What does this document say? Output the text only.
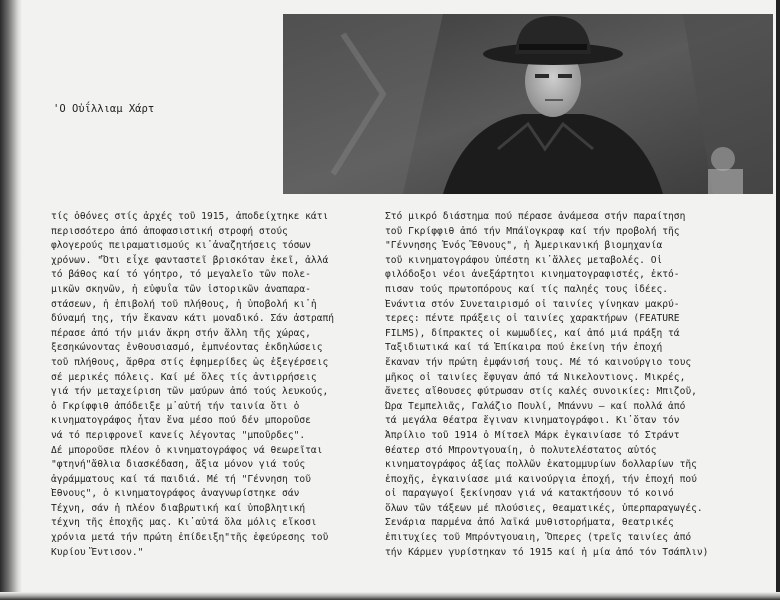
'Ο Οὐΐλλιαμ Χάρτ
τίς ὀθόνες στίς ἀρχές τοῦ 1915, ἀποδείχτηκε κάτι
περισσότερο ἀπό ἀποφασιστική στροφή στούς
φλογερούς πειραματισμούς κι᾽ἀναζητήσεις τόσων
χρόνων. "Ὅτι εἶχε φανταστεῖ βρισκόταν ἐκεῖ, ἀλλά
τό βάθος καί τό γόητρο, τό μεγαλεῖο τῶν πολε-
μικῶν σκηνῶν, ἡ εὐφυΐα τῶν ἱστορικῶν ἀναπαρα-
στάσεων, ἡ ἐπιβολή τοῦ πλήθους, ἡ ὑποβολή κι᾽ἡ
δύναμή της, τήν ἔκαναν κάτι μοναδικό. Σάν ἀστραπή
πέρασε ἀπό τήν μιάν ἄκρη στήν ἄλλη τῆς χώρας,
ξεσηκώνοντας ἐνθουσιασμό, ἐμπνέοντας ἐκδηλώσεις
τοῦ πλήθους, ἄρθρα στίς ἐφημερίδες ὡς ἐξεγέρσεις
σέ μερικές πόλεις. Καί μέ ὅλες τίς ἀντιρρήσεις
γιά τήν μεταχείριση τῶν μαύρων ἀπό τούς λευκούς,
ὁ Γκρίφφιθ ἀπόδειξε μ᾽αὐτή τήν ταινία ὅτι ὁ
κινηματογράφος ἦταν ἕνα μέσο πού δέν μποροῦσε
νά τό περιφρονεῖ κανείς λέγοντας "μποῦρδες".
Δέ μποροῦσε πλέον ὁ κινηματογράφος νά θεωρεῖται
"φτηνή"ἄθλια διασκέδαση, ἄξια μόνον γιά τούς
ἀγράμματους καί τά παιδιά. Μέ τή "Γέννηση τοῦ
Ἔθνους", ὁ κινηματογράφος ἀναγνωρίστηκε σάν
Τέχνη, σάν ἡ πλέον διαβρωτική καί ὑποβλητική
τέχνη τῆς ἐποχῆς μας. Κι᾽αὐτά ὅλα μόλις εἴκοσι
χρόνια μετά τήν πρώτη ἐπίδειξη"τῆς ἐφεύρεσης τοῦ
Κυρίου Ἔντισον."
Στό μικρό διάστημα πού πέρασε ἀνάμεσα στήν παραίτηση
τοῦ Γκρίφφιθ ἀπό τήν Μπάϊογκραφ καί τήν προβολή τῆς
"Γέννησης Ἑνός Ἔθνους", ἡ Ἀμερικανική βιομηχανία
τοῦ κινηματογράφου ὑπέστη κι᾽ἄλλες μεταβολές. Οἱ
φιλόδοξοι νέοι ἀνεξάρτητοι κινηματογραφιστές, ἐκτό-
πισαν τούς πρωτοπόρους καί τίς παληές τους ἰδέες.
Ἐνάντια στόν Συνεταιρισμό οἱ ταινίες γίνηκαν μακρύ-
τερες: πέντε πράξεις οἱ ταινίες χαρακτήρων (FEATURE
FILMS), δίπρακτες οἱ κωμωδίες, καί ἀπό μιά πράξη τά
Ταξιδιωτικά καί τά Ἐπίκαιρα πού ἐκείνη τήν ἐποχή
ἔκαναν τήν πρώτη ἐμφάνισή τους. Μέ τό καινούργιο τους
μῆκος οἱ ταινίες ἔφυγαν ἀπό τά Νικελοντιονς. Μικρές,
ἄνετες αἴθουσες φύτρωσαν στίς καλές συνοικίες: Μπιζοῦ,
Ὥρα Τεμπελιᾶς, Γαλάζιο Πουλί, Μπάννυ – καί πολλά ἀπό
τά μεγάλα θέατρα ἔγιναν κινηματογράφοι. Κι᾽ὅταν τόν
Ἀπρίλιο τοῦ 1914 ὁ Μίτσελ Μάρκ ἐγκαινίασε τό Στράντ
θέατερ στό Μπροντγουαίη, ὁ πολυτελέστατος αὐτός
κινηματογράφος ἀξίας πολλῶν ἑκατομμυρίων δολλαρίων τῆς
ἐποχῆς, ἐγκαινίασε μιά καινούργια ἐποχή, τήν ἐποχή πού
οἱ παραγωγοί ξεκίνησαν γιά νά κατακτήσουν τό κοινό
ὅλων τῶν τάξεων μέ πλούσιες, θεαματικές, ὑπερπαραγωγές.
Σενάρια παρμένα ἀπό λαϊκά μυθιστορήματα, θεατρικές
ἐπιτυχίες τοῦ Μπρόντγουαιη, Ὄπερες (τρεῖς ταινίες ἀπό
τήν Κάρμεν γυρίστηκαν τό 1915 καί ἡ μία ἀπό τόν Τσάπλιν)
